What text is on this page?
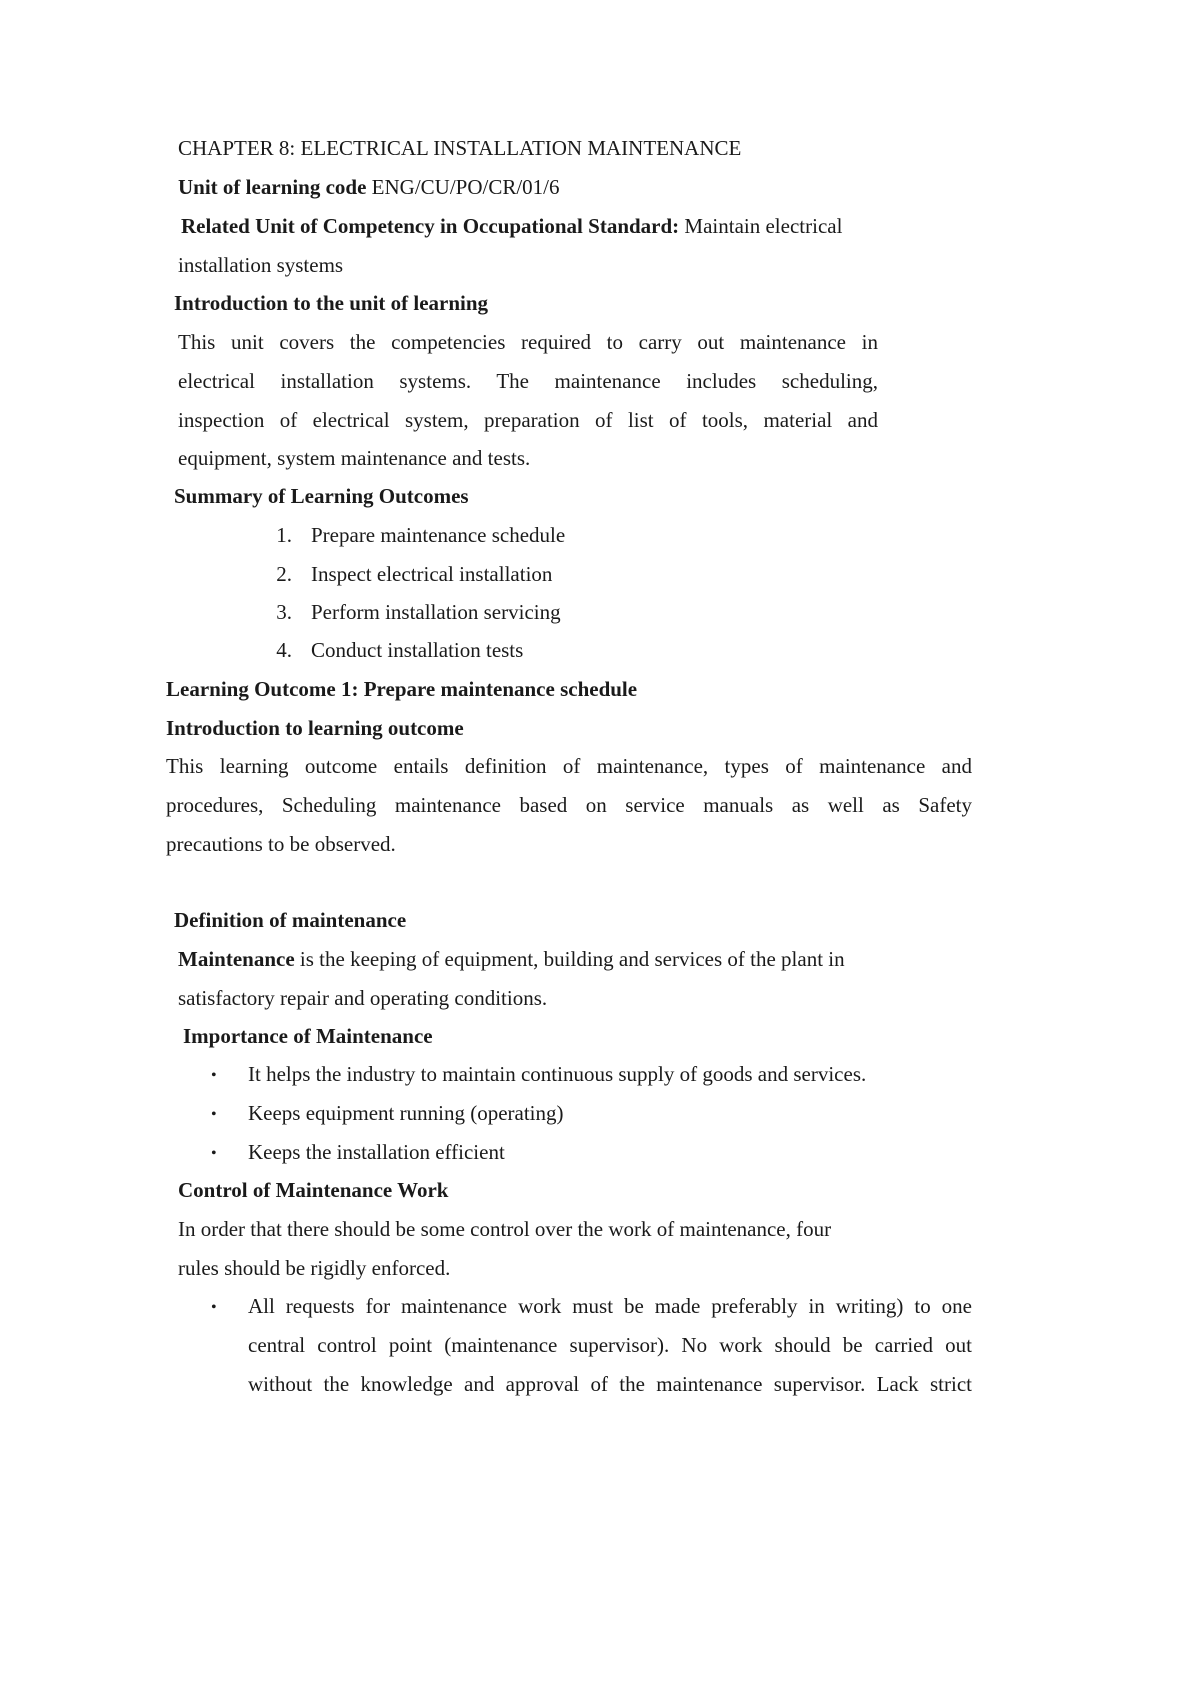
CHAPTER 8: ELECTRICAL INSTALLATION MAINTENANCE
Unit of learning code ENG/CU/PO/CR/01/6
Related Unit of Competency in Occupational Standard: Maintain electrical
installation systems
Introduction to the unit of learning
This unit covers the competencies required to carry out maintenance in
electrical installation systems. The maintenance includes scheduling,
inspection of electrical system, preparation of list of tools, material and
equipment, system maintenance and tests.
Summary of Learning Outcomes
1. Prepare maintenance schedule
2. Inspect electrical installation
3. Perform installation servicing
4. Conduct installation tests
Learning Outcome 1: Prepare maintenance schedule
Introduction to learning outcome
This learning outcome entails definition of maintenance, types of maintenance and
procedures, Scheduling maintenance based on service manuals as well as Safety
precautions to be observed.
Definition of maintenance
Maintenance is the keeping of equipment, building and services of the plant in
satisfactory repair and operating conditions.
Importance of Maintenance
• It helps the industry to maintain continuous supply of goods and services.
• Keeps equipment running (operating)
• Keeps the installation efficient
Control of Maintenance Work
In order that there should be some control over the work of maintenance, four
rules should be rigidly enforced.
• All requests for maintenance work must be made preferably in writing) to one
central control point (maintenance supervisor). No work should be carried out
without the knowledge and approval of the maintenance supervisor. Lack strict
